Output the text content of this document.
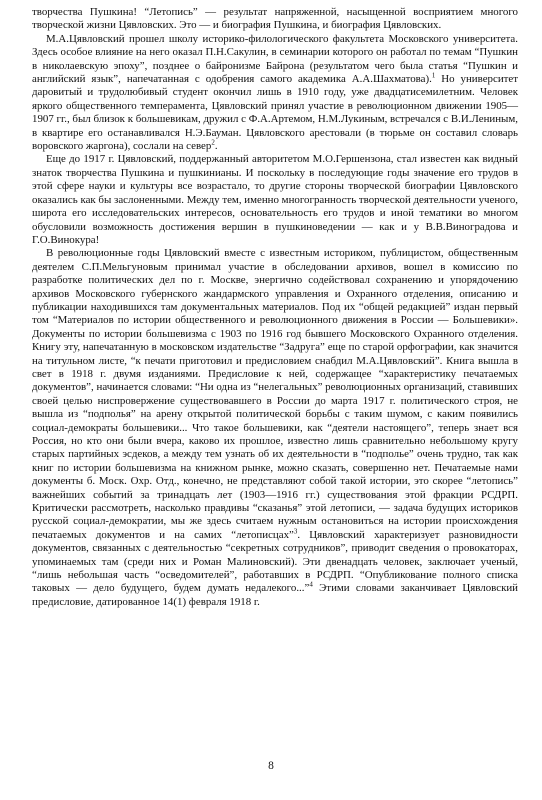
творчества Пушкина! “Летопись” — результат напряженной, насыщенной восприятием многого творческой жизни Цявловских. Это — и биография Пушкина, и биография Цявловских.

М.А.Цявловский прошел школу историко-филологического факультета Московского университета. Здесь особое влияние на него оказал П.Н.Сакулин, в семинарии которого он работал по темам “Пушкин в николаевскую эпоху”, позднее о байронизме Байрона (результатом чего была статья “Пушкин и английский язык”, напечатанная с одобрения самого академика А.А.Шахматова).$^1$ Но университет даровитый и трудолюбивый студент окончил лишь в 1910 году, уже двадцатисемилетним. Человек яркого общественного темперамента, Цявловский принял участие в революционном движении 1905—1907 гг., был близок к большевикам, дружил с Ф.А.Артемом, Н.М.Лукиным, встречался с В.И.Лениным, в квартире его останавливался Н.Э.Бауман. Цявловского арестовали (в тюрьме он составил словарь воровского жаргона), сослали на север$^2$.

Еще до 1917 г. Цявловский, поддержанный авторитетом М.О.Гершензона, стал известен как видный знаток творчества Пушкина и пушкинианы. И поскольку в последующие годы значение его трудов в этой сфере науки и культуры все возрастало, то другие стороны творческой биографии Цявловского оказались как бы заслоненными. Между тем, именно многогранность творческой деятельности ученого, широта его исследовательских интересов, основательность его трудов и иной тематики во многом обусловили возможность достижения вершин в пушкиноведении — как и у В.В.Виноградова и Г.О.Винокура!

В революционные годы Цявловский вместе с известным историком, публицистом, общественным деятелем С.П.Мельгуновым принимал участие в обследовании архивов, вошел в комиссию по разработке политических дел по г. Москве, энергично содействовал сохранению и упорядочению архивов Московского губернского жандармского управления и Охранного отделения, описанию и публикации находившихся там документальных материалов. Под их “общей редакцией” издан первый том “Материалов по истории общественного и революционного движения в России — Большевики». Документы по истории большевизма с 1903 по 1916 год бывшего Московского Охранного отделения. Книгу эту, напечатанную в московском издательстве “Задруга” еще по старой орфографии, как значится на титульном листе, “к печати приготовил и предисловием снабдил М.А.Цявловский”. Книга вышла в свет в 1918 г. двумя изданиями. Предисловие к ней, содержащее “характеристику печатаемых документов”, начинается словами: “Ни одна из “нелегальных” революционных организаций, ставивших своей целью ниспровержение существовавшего в России до марта 1917 г. политического строя, не вышла из “подполья” на арену открытой политической борьбы с таким шумом, с каким появились социал-демократы большевики... Что такое большевики, как “деятели настоящего”, теперь знает вся Россия, но кто они были вчера, каково их прошлое, известно лишь сравнительно небольшому кругу старых партийных эсдеков, а между тем узнать об их деятельности в “подполье” очень трудно, так как книг по истории большевизма на книжном рынке, можно сказать, совершенно нет. Печатаемые нами документы б. Моск. Охр. Отд., конечно, не представляют собой такой истории, это скорее “летопись” важнейших событий за тринадцать лет (1903—1916 гг.) существования этой фракции РСДРП. Критически рассмотреть, насколько правдивы “сказанья” этой летописи, — задача будущих историков русской социал-демократии, мы же здесь считаем нужным остановиться на истории происхождения печатаемых документов и на самих “летописцах”$^3$. Цявловский характеризует разновидности документов, связанных с деятельностью “секретных сотрудников”, приводит сведения о провокаторах, упоминаемых там (среди них и Роман Малиновский). Эти двенадцать человек, заключает ученый, “лишь небольшая часть “осведомителей”, работавших в РСДРП. “Опубликование полного списка таковых — дело будущего, будем думать недалекого...”$^4$ Этими словами заканчивает Цявловский предисловие, датированное 14(1) февраля 1918 г.

8
